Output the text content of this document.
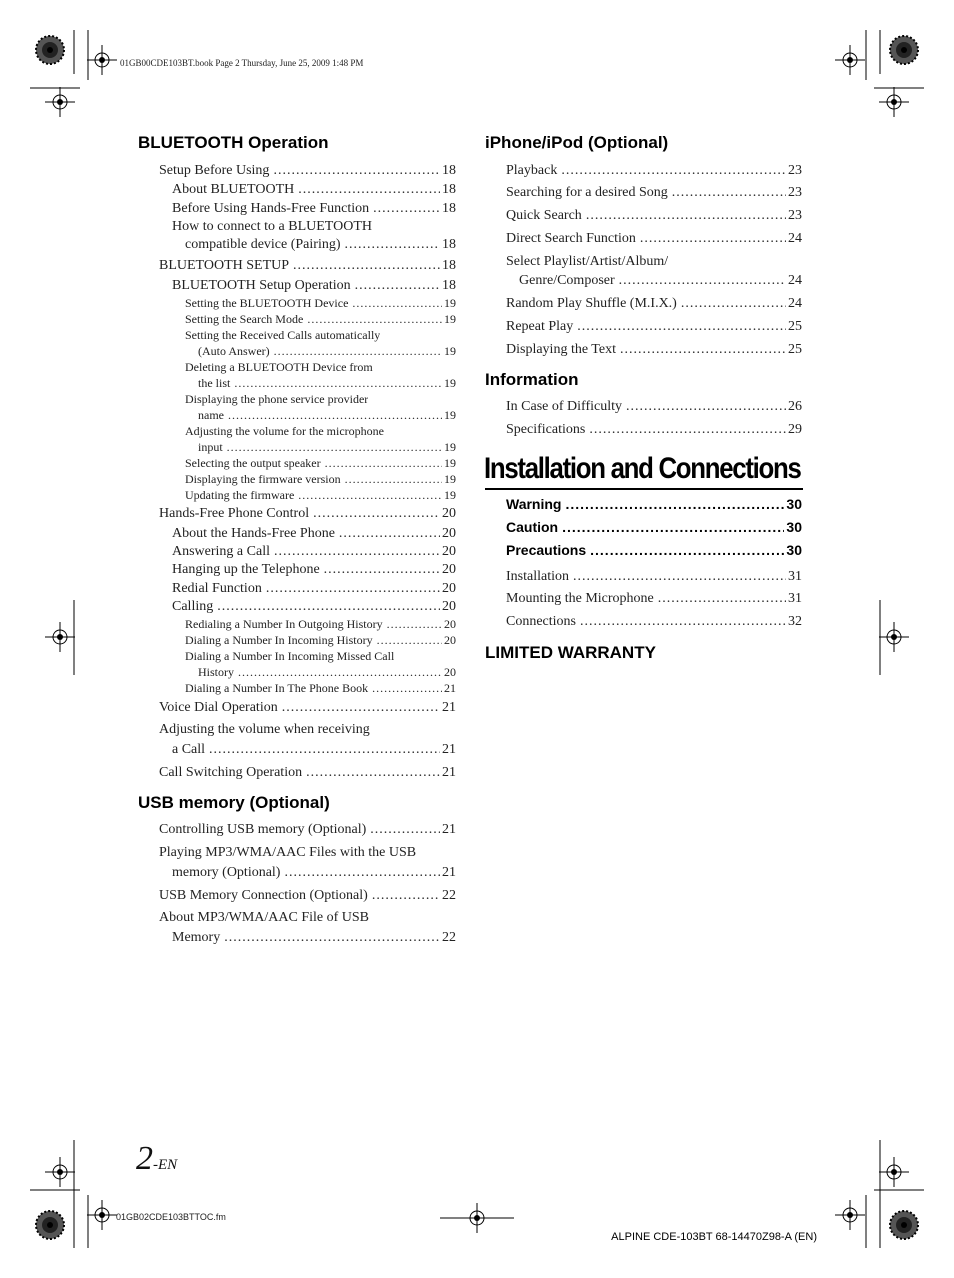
01GB00CDE103BT.book Page 2 Thursday, June 25, 2009 1:48 PM
BLUETOOTH Operation
Setup Before Using .....	18
About BLUETOOTH .....	18
Before Using Hands-Free Function .....	18
How to connect to a BLUETOOTH
compatible device (Pairing) .....	18
BLUETOOTH SETUP .....	18
BLUETOOTH Setup Operation .....	18
Setting the BLUETOOTH Device .....	19
Setting the Search Mode .....	19
Setting the Received Calls automatically
(Auto Answer) .....	19
Deleting a BLUETOOTH Device from
the list .....	19
Displaying the phone service provider
name .....	19
Adjusting the volume for the microphone
input .....	19
Selecting the output speaker .....	19
Displaying the firmware version .....	19
Updating the firmware .....	19
Hands-Free Phone Control .....	20
About the Hands-Free Phone .....	20
Answering a Call .....	20
Hanging up the Telephone .....	20
Redial Function .....	20
Calling .....	20
Redialing a Number In Outgoing History .....	20
Dialing a Number In Incoming History .....	20
Dialing a Number In Incoming Missed Call
History .....	20
Dialing a Number In The Phone Book .....	21
Voice Dial Operation .....	21
Adjusting the volume when receiving
a Call .....	21
Call Switching Operation .....	21
USB memory (Optional)
Controlling USB memory (Optional) .....	21
Playing MP3/WMA/AAC Files with the USB
memory (Optional) .....	21
USB Memory Connection (Optional) .....	22
About MP3/WMA/AAC File of USB
Memory .....	22
iPhone/iPod (Optional)
Playback .....	23
Searching for a desired Song .....	23
Quick Search .....	23
Direct Search Function .....	24
Select Playlist/Artist/Album/
Genre/Composer .....	24
Random Play Shuffle (M.I.X.) .....	24
Repeat Play .....	25
Displaying the Text .....	25
Information
In Case of Difficulty .....	26
Specifications .....	29
Installation and Connections
Warning .....	30
Caution .....	30
Precautions .....	30
Installation .....	31
Mounting the Microphone .....	31
Connections .....	32
LIMITED WARRANTY
2-EN
01GB02CDE103BTTOC.fm
ALPINE CDE-103BT 68-14470Z98-A (EN)
